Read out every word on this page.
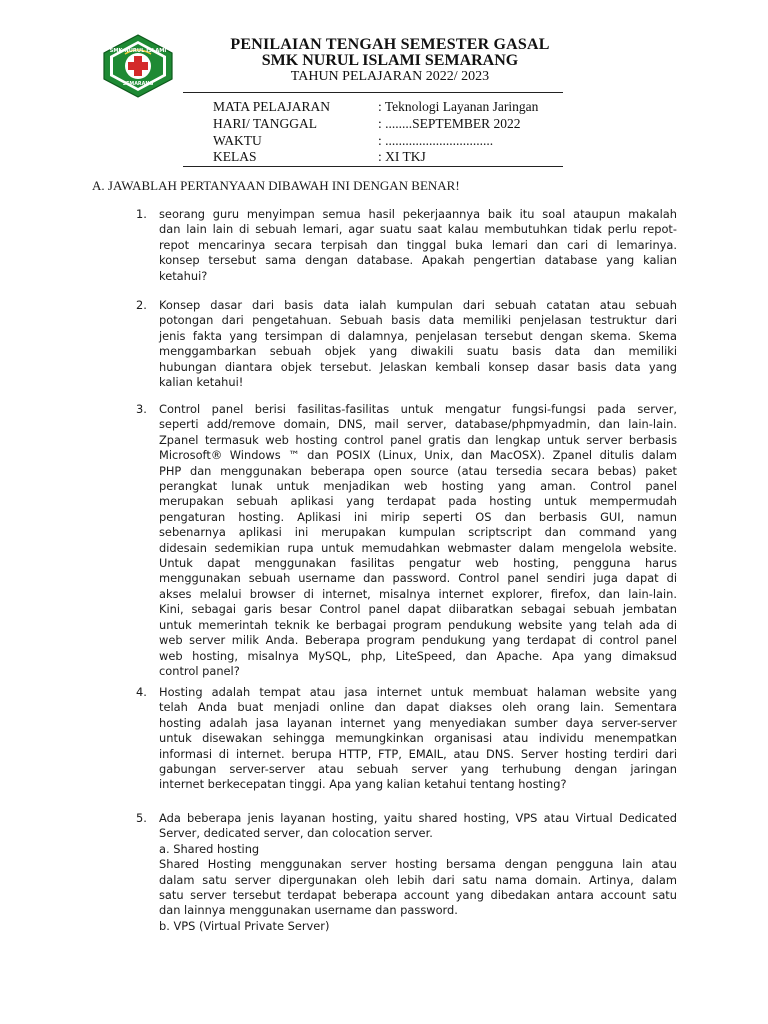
SMK NURUL ISLAMI
SEMARANG
PENILAIAN TENGAH SEMESTER GASAL
SMK NURUL ISLAMI SEMARANG
TAHUN PELAJARAN 2022/ 2023
MATA PELAJARAN	: Teknologi Layanan Jaringan
HARI/ TANGGAL	: ........SEPTEMBER 2022
WAKTU	: ................................
KELAS	: XI TKJ
A. JAWABLAH PERTANYAAN DIBAWAH INI DENGAN BENAR!
1. seorang guru menyimpan semua hasil pekerjaannya baik itu soal ataupun makalah
dan lain lain di sebuah lemari, agar suatu saat kalau membutuhkan tidak perlu repot-
repot mencarinya secara terpisah dan tinggal buka lemari dan cari di lemarinya.
konsep tersebut sama dengan database. Apakah pengertian database yang kalian
ketahui?
2. Konsep dasar dari basis data ialah kumpulan dari sebuah catatan atau sebuah
potongan dari pengetahuan. Sebuah basis data memiliki penjelasan testruktur dari
jenis fakta yang tersimpan di dalamnya, penjelasan tersebut dengan skema. Skema
menggambarkan sebuah objek yang diwakili suatu basis data dan memiliki
hubungan diantara objek tersebut. Jelaskan kembali konsep dasar basis data yang
kalian ketahui!
3. Control panel berisi fasilitas-fasilitas untuk mengatur fungsi-fungsi pada server,
seperti add/remove domain, DNS, mail server, database/phpmyadmin, dan lain-lain.
Zpanel termasuk web hosting control panel gratis dan lengkap untuk server berbasis
Microsoft® Windows ™ dan POSIX (Linux, Unix, dan MacOSX). Zpanel ditulis dalam
PHP dan menggunakan beberapa open source (atau tersedia secara bebas) paket
perangkat lunak untuk menjadikan web hosting yang aman. Control panel
merupakan sebuah aplikasi yang terdapat pada hosting untuk mempermudah
pengaturan hosting. Aplikasi ini mirip seperti OS dan berbasis GUI, namun
sebenarnya aplikasi ini merupakan kumpulan scriptscript dan command yang
didesain sedemikian rupa untuk memudahkan webmaster dalam mengelola website.
Untuk dapat menggunakan fasilitas pengatur web hosting, pengguna harus
menggunakan sebuah username dan password. Control panel sendiri juga dapat di
akses melalui browser di internet, misalnya internet explorer, firefox, dan lain-lain.
Kini, sebagai garis besar Control panel dapat diibaratkan sebagai sebuah jembatan
untuk memerintah teknik ke berbagai program pendukung website yang telah ada di
web server milik Anda. Beberapa program pendukung yang terdapat di control panel
web hosting, misalnya MySQL, php, LiteSpeed, dan Apache. Apa yang dimaksud
control panel?
4. Hosting adalah tempat atau jasa internet untuk membuat halaman website yang
telah Anda buat menjadi online dan dapat diakses oleh orang lain. Sementara
hosting adalah jasa layanan internet yang menyediakan sumber daya server-server
untuk disewakan sehingga memungkinkan organisasi atau individu menempatkan
informasi di internet. berupa HTTP, FTP, EMAIL, atau DNS. Server hosting terdiri dari
gabungan server-server atau sebuah server yang terhubung dengan jaringan
internet berkecepatan tinggi. Apa yang kalian ketahui tentang hosting?
5. Ada beberapa jenis layanan hosting, yaitu shared hosting, VPS atau Virtual Dedicated
Server, dedicated server, dan colocation server.
a. Shared hosting
Shared Hosting menggunakan server hosting bersama dengan pengguna lain atau
dalam satu server dipergunakan oleh lebih dari satu nama domain. Artinya, dalam
satu server tersebut terdapat beberapa account yang dibedakan antara account satu
dan lainnya menggunakan username dan password.
b. VPS (Virtual Private Server)
